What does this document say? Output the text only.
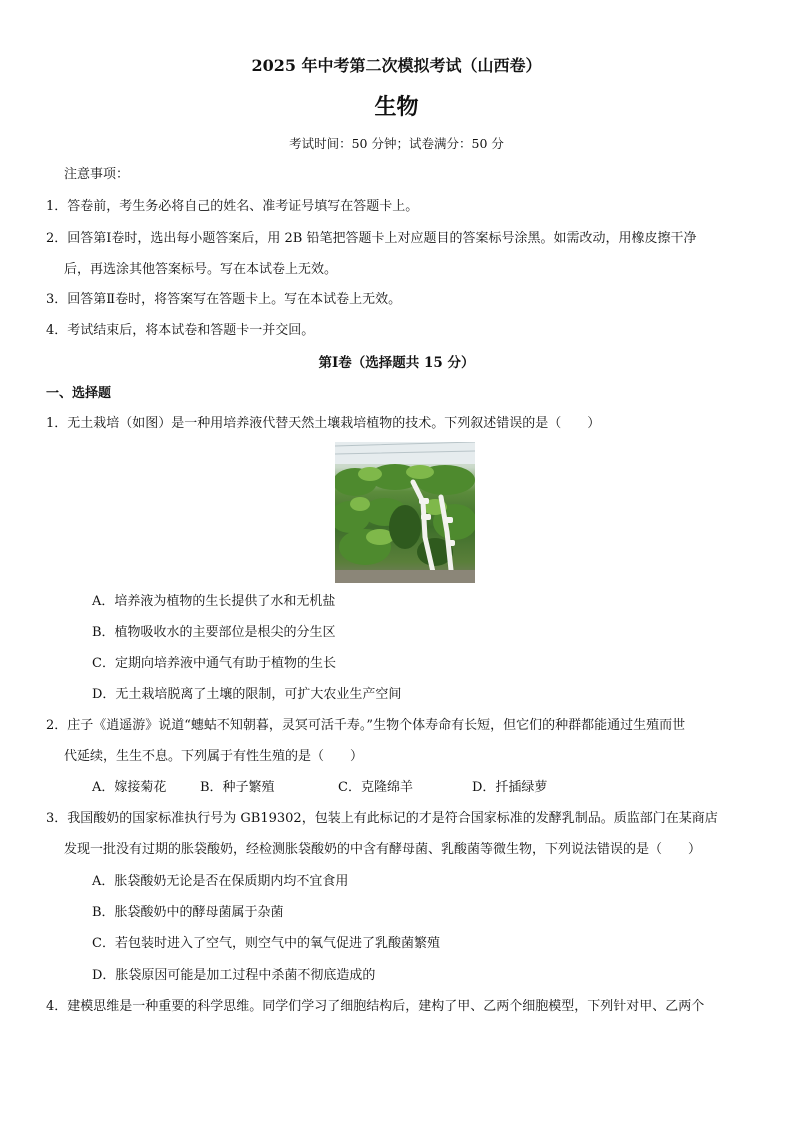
2025 年中考第二次模拟考试（山西卷）
生物
考试时间：50 分钟；试卷满分：50 分
注意事项：
1．答卷前，考生务必将自己的姓名、准考证号填写在答题卡上。
2．回答第Ⅰ卷时，选出每小题答案后，用 2B 铅笔把答题卡上对应题目的答案标号涂黑。如需改动，用橡皮擦干净
后，再选涂其他答案标号。写在本试卷上无效。
3．回答第Ⅱ卷时，将答案写在答题卡上。写在本试卷上无效。
4．考试结束后，将本试卷和答题卡一并交回。
第Ⅰ卷（选择题共 15 分）
一、选择题
1．无土栽培（如图）是一种用培养液代替天然土壤栽培植物的技术。下列叙述错误的是（　　）
A．培养液为植物的生长提供了水和无机盐
B．植物吸收水的主要部位是根尖的分生区
C．定期向培养液中通气有助于植物的生长
D．无土栽培脱离了土壤的限制，可扩大农业生产空间
2．庄子《逍遥游》说道“蟪蛄不知朝暮，灵冥可活千寿。”生物个体寿命有长短，但它们的种群都能通过生殖而世
代延续，生生不息。下列属于有性生殖的是（　　）
A．嫁接菊花	B．种子繁殖	C．克隆绵羊	D．扦插绿萝
3．我国酸奶的国家标准执行号为 GB19302，包装上有此标记的才是符合国家标准的发酵乳制品。质监部门在某商店
发现一批没有过期的胀袋酸奶，经检测胀袋酸奶的中含有酵母菌、乳酸菌等微生物，下列说法错误的是（　　）
A．胀袋酸奶无论是否在保质期内均不宜食用
B．胀袋酸奶中的酵母菌属于杂菌
C．若包装时进入了空气，则空气中的氧气促进了乳酸菌繁殖
D．胀袋原因可能是加工过程中杀菌不彻底造成的
4．建模思维是一种重要的科学思维。同学们学习了细胞结构后，建构了甲、乙两个细胞模型，下列针对甲、乙两个
